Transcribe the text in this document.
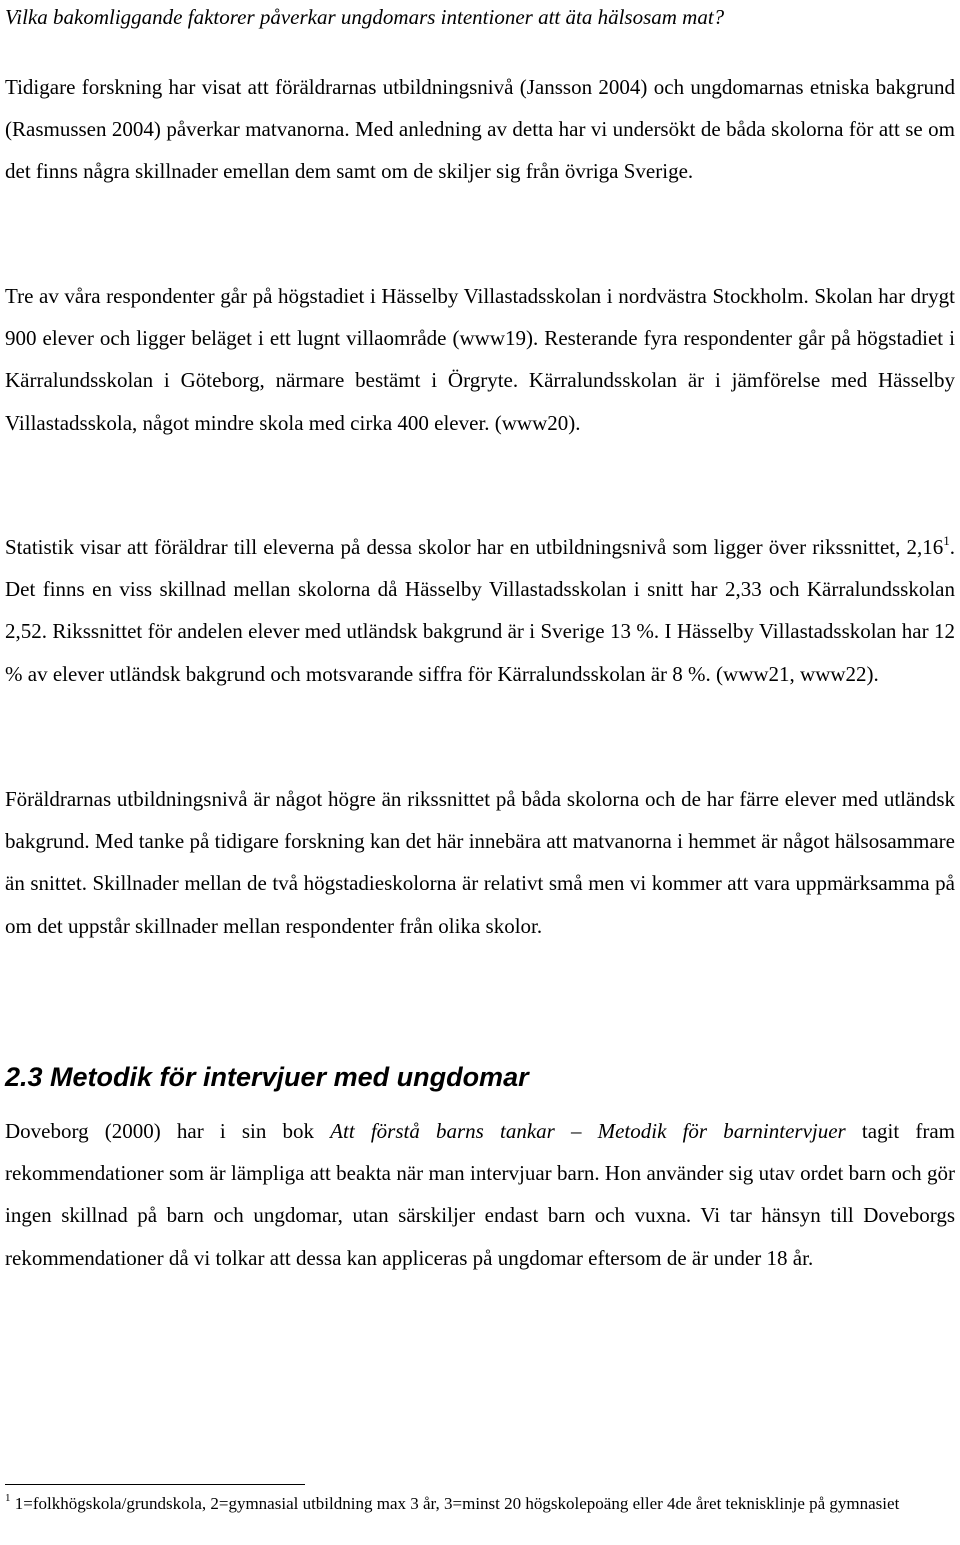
Vilka bakomliggande faktorer påverkar ungdomars intentioner att äta hälsosam mat?

Tidigare forskning har visat att föräldrarnas utbildningsnivå (Jansson 2004) och ungdomarnas etniska bakgrund (Rasmussen 2004) påverkar matvanorna. Med anledning av detta har vi undersökt de båda skolorna för att se om det finns några skillnader emellan dem samt om de skiljer sig från övriga Sverige.

Tre av våra respondenter går på högstadiet i Hässelby Villastadsskolan i nordvästra Stockholm. Skolan har drygt 900 elever och ligger beläget i ett lugnt villaområde (www19). Resterande fyra respondenter går på högstadiet i Kärralundsskolan i Göteborg, närmare bestämt i Örgryte. Kärralundsskolan är i jämförelse med Hässelby Villastadsskola, något mindre skola med cirka 400 elever. (www20).

Statistik visar att föräldrar till eleverna på dessa skolor har en utbildningsnivå som ligger över rikssnittet, 2,16$^1$. Det finns en viss skillnad mellan skolorna då Hässelby Villastadsskolan i snitt har 2,33 och Kärralundsskolan 2,52. Rikssnittet för andelen elever med utländsk bakgrund är i Sverige 13 %. I Hässelby Villastadsskolan har 12 % av elever utländsk bakgrund och motsvarande siffra för Kärralundsskolan är 8 %. (www21, www22).

Föräldrarnas utbildningsnivå är något högre än rikssnittet på båda skolorna och de har färre elever med utländsk bakgrund. Med tanke på tidigare forskning kan det här innebära att matvanorna i hemmet är något hälsosammare än snittet. Skillnader mellan de två högstadieskolorna är relativt små men vi kommer att vara uppmärksamma på om det uppstår skillnader mellan respondenter från olika skolor.

2.3 Metodik för intervjuer med ungdomar

Doveborg (2000) har i sin bok Att förstå barns tankar – Metodik för barnintervjuer tagit fram rekommendationer som är lämpliga att beakta när man intervjuar barn. Hon använder sig utav ordet barn och gör ingen skillnad på barn och ungdomar, utan särskiljer endast barn och vuxna. Vi tar hänsyn till Doveborgs rekommendationer då vi tolkar att dessa kan appliceras på ungdomar eftersom de är under 18 år.

$^1$ 1=folkhögskola/grundskola, 2=gymnasial utbildning max 3 år, 3=minst 20 högskolepoäng eller 4de året teknisklinje på gymnasiet
